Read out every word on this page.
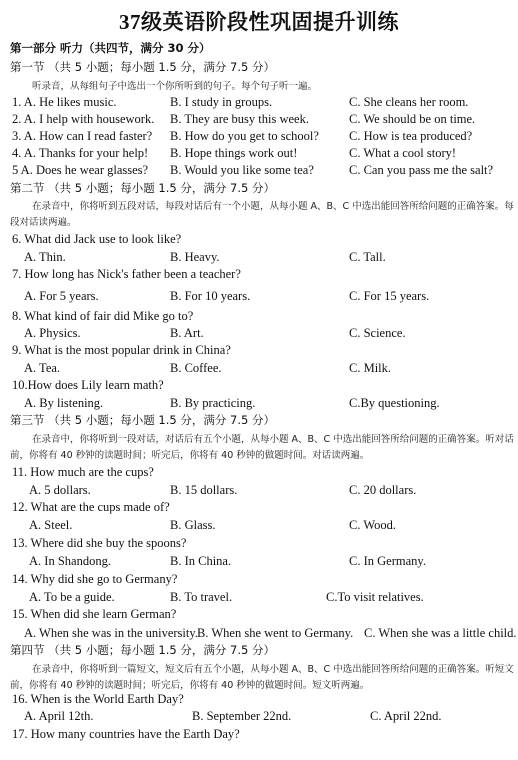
37级英语阶段性巩固提升训练
第一部分 听力（共四节，满分 30 分）
第一节 （共 5 小题；每小题 1.5 分，满分 7.5 分）
听录音，从每组句子中选出一个你所听到的句子。每个句子听一遍。
1. A. He likes music.	B. I study in groups.	C. She cleans her room.
2. A. I help with housework. B. They are busy this week.	C. We should be on time.
3. A. How can I read faster? B. How do you get to school? C. How is tea produced?
4. A. Thanks for your help! B. Hope things work out!	C. What a cool story!
5 A. Does he wear glasses? B. Would you like some tea?	C. Can you pass me the salt?
第二节 （共 5 小题；每小题 1.5 分，满分 7.5 分）
在录音中，你将听到五段对话，每段对话后有一个小题，从每小题 A、B、C 中选出能回答所给问题的正确答案。每
段对话读两遍。
6. What did Jack use to look like?
A. Thin.	B. Heavy.	C. Tall.
7. How long has Nick's father been a teacher?
A. For 5 years.	B. For 10 years.	C. For 15 years.
8. What kind of fair did Mike go to?
A. Physics.	B. Art.	C. Science.
9. What is the most popular drink in China?
A. Tea.	B. Coffee.	C. Milk.
10.How does Lily learn math?
A. By listening.	B. By practicing.	C.By questioning.
第三节 （共 5 小题；每小题 1.5 分，满分 7.5 分）
在录音中，你将听到一段对话，对话后有五个小题，从每小题 A、B、C 中选出能回答所给问题的正确答案。听对话
前，你将有 40 秒钟的读题时间；听完后，你将有 40 秒钟的做题时间。对话读两遍。
11. How much are the cups?
A. 5 dollars.	B. 15 dollars.	C. 20 dollars.
12. What are the cups made of?
A. Steel.	B. Glass.	C. Wood.
13. Where did she buy the spoons?
A. In Shandong.	B. In China.	C. In Germany.
14. Why did she go to Germany?
A. To be a guide.	B. To travel.	C.To visit relatives.
15. When did she learn German?
A. When she was in the university. B. When she went to Germany. C. When she was a little child.
第四节 （共 5 小题；每小题 1.5 分，满分 7.5 分）
在录音中，你将听到一篇短文，短文后有五个小题，从每小题 A、B、C 中选出能回答所给问题的正确答案。听短文
前，你将有 40 秒钟的读题时间；听完后，你将有 40 秒钟的做题时间。短文听两遍。
16. When is the World Earth Day?
A. April 12th.	B. September 22nd.	C. April 22nd.
17. How many countries have the Earth Day?
